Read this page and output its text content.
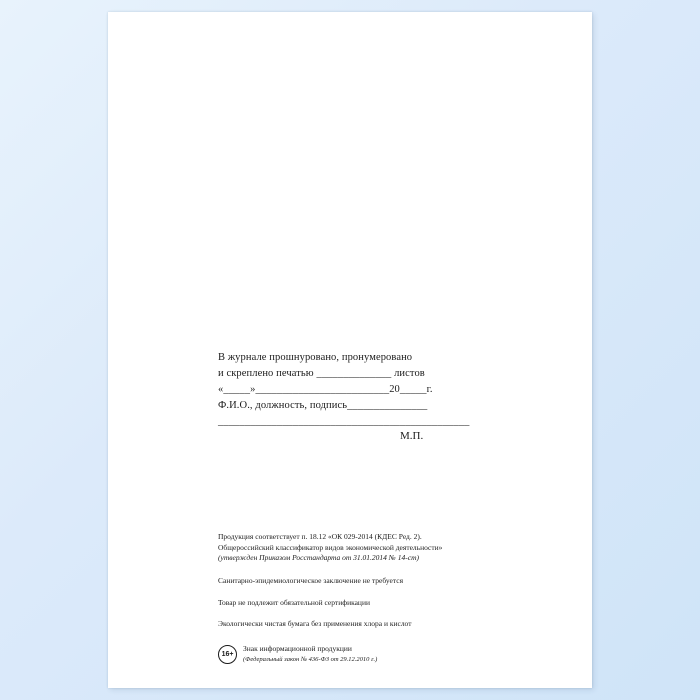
В журнале прошнуровано, пронумеровано
и скреплено печатью ______________ листов
«_____»_________________________20_____г.
Ф.И.О., должность, подпись_______________
_______________________________________________
М.П.
Продукция соответствует п. 18.12 «ОК 029-2014 (КДЕС Ред. 2).
Общероссийский классификатор видов экономической деятельности»
(утвержден Приказом Росстандарта от 31.01.2014 № 14-ст)
Санитарно-эпидемиологическое заключение не требуется
Товар не подлежит обязательной сертификации
Экологически чистая бумага без применения хлора и кислот
16+
Знак информационной продукции
(Федеральный закон № 436-ФЗ от 29.12.2010 г.)
